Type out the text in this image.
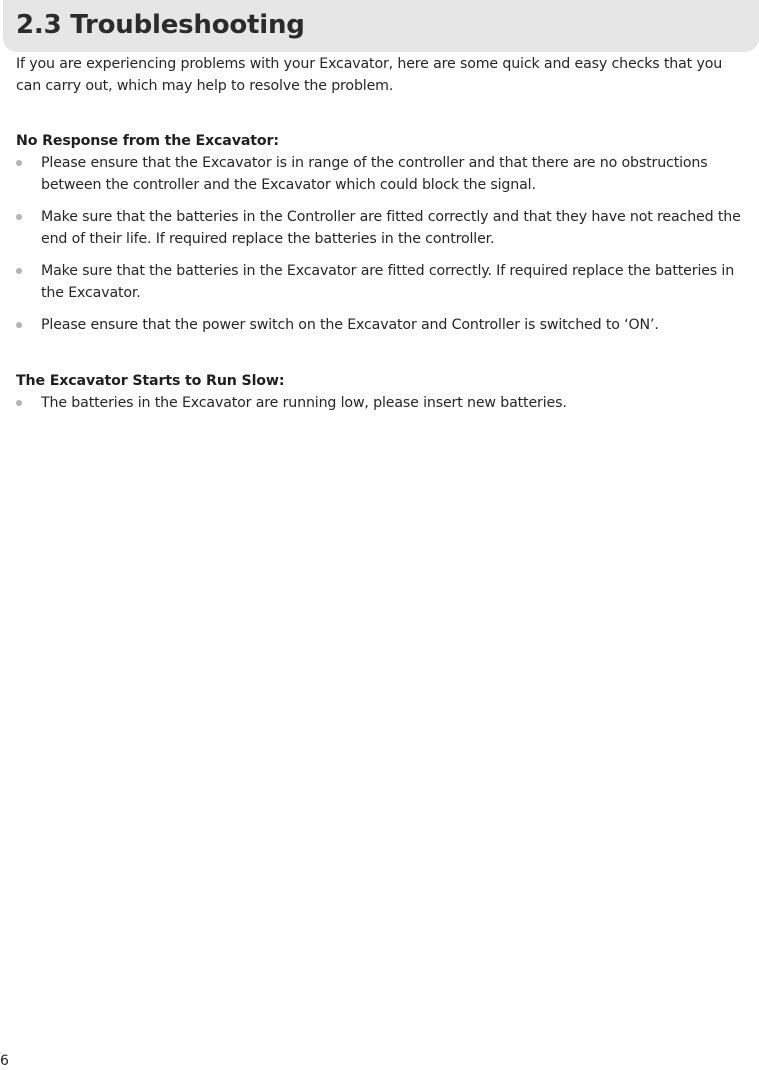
2.3 Troubleshooting

If you are experiencing problems with your Excavator, here are some quick and easy checks that you can carry out, which may help to resolve the problem.

No Response from the Excavator:

Please ensure that the Excavator is in range of the controller and that there are no obstructions between the controller and the Excavator which could block the signal.
Make sure that the batteries in the Controller are fitted correctly and that they have not reached the end of their life. If required replace the batteries in the controller.
Make sure that the batteries in the Excavator are fitted correctly. If required replace the batteries in the Excavator.
Please ensure that the power switch on the Excavator and Controller is switched to ‘ON’.

The Excavator Starts to Run Slow:

The batteries in the Excavator are running low, please insert new batteries.
6
